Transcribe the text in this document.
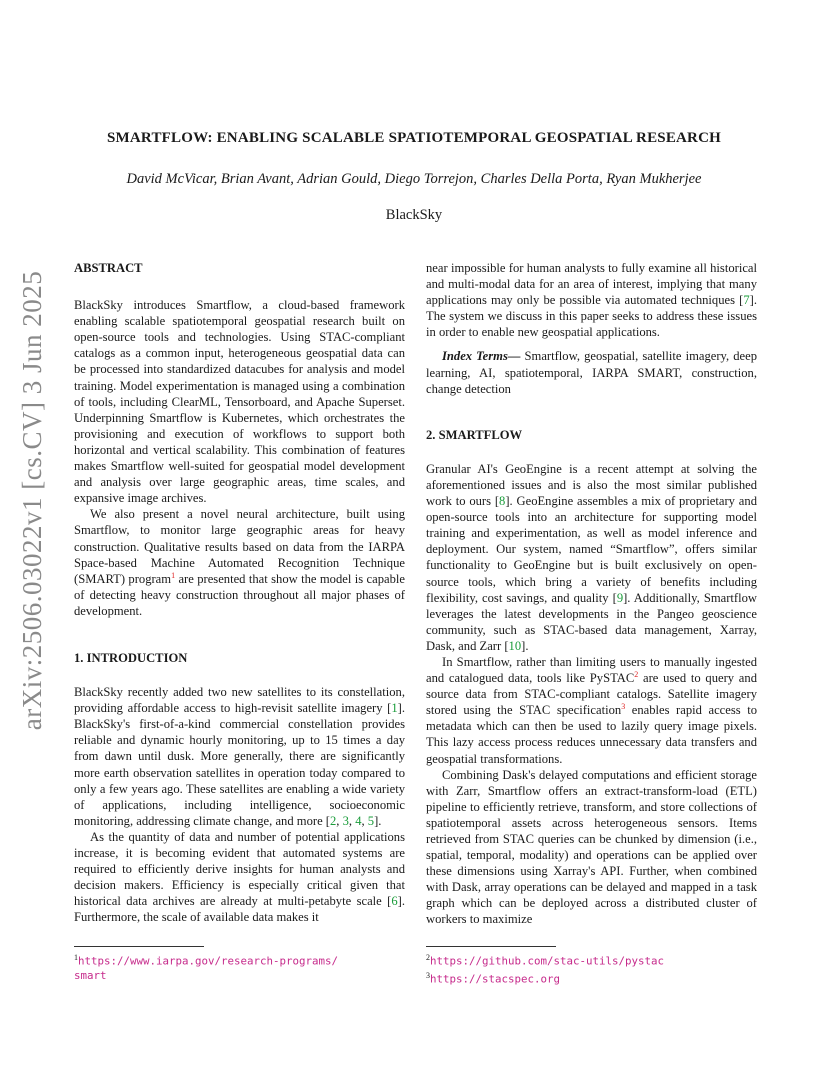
arXiv:2506.03022v1 [cs.CV] 3 Jun 2025
SMARTFLOW: ENABLING SCALABLE SPATIOTEMPORAL GEOSPATIAL RESEARCH
David McVicar, Brian Avant, Adrian Gould, Diego Torrejon, Charles Della Porta, Ryan Mukherjee
BlackSky

ABSTRACT

BlackSky introduces Smartflow, a cloud-based framework enabling scalable spatiotemporal geospatial research built on open-source tools and technologies. Using STAC-compliant catalogs as a common input, heterogeneous geospatial data can be processed into standardized datacubes for analysis and model training. Model experimentation is managed using a combination of tools, including ClearML, Tensorboard, and Apache Superset. Underpinning Smartflow is Kubernetes, which orchestrates the provisioning and execution of workflows to support both horizontal and vertical scalability. This combination of features makes Smartflow well-suited for geospatial model development and analysis over large geographic areas, time scales, and expansive image archives.

We also present a novel neural architecture, built using Smartflow, to monitor large geographic areas for heavy construction. Qualitative results based on data from the IARPA Space-based Machine Automated Recognition Technique (SMART) program$^1$ are presented that show the model is capable of detecting heavy construction throughout all major phases of development.

1. INTRODUCTION

BlackSky recently added two new satellites to its constellation, providing affordable access to high-revisit satellite imagery [1]. BlackSky's first-of-a-kind commercial constellation provides reliable and dynamic hourly monitoring, up to 15 times a day from dawn until dusk. More generally, there are significantly more earth observation satellites in operation today compared to only a few years ago. These satellites are enabling a wide variety of applications, including intelligence, socioeconomic monitoring, addressing climate change, and more [2, 3, 4, 5].

As the quantity of data and number of potential applications increase, it is becoming evident that automated systems are required to efficiently derive insights for human analysts and decision makers. Efficiency is especially critical given that historical data archives are already at multi-petabyte scale [6]. Furthermore, the scale of available data makes it

$^1$https://www.iarpa.gov/research-programs/
smart

near impossible for human analysts to fully examine all historical and multi-modal data for an area of interest, implying that many applications may only be possible via automated techniques [7]. The system we discuss in this paper seeks to address these issues in order to enable new geospatial applications.

Index Terms— Smartflow, geospatial, satellite imagery, deep learning, AI, spatiotemporal, IARPA SMART, construction, change detection

2. SMARTFLOW

Granular AI's GeoEngine is a recent attempt at solving the aforementioned issues and is also the most similar published work to ours [8]. GeoEngine assembles a mix of proprietary and open-source tools into an architecture for supporting model training and experimentation, as well as model inference and deployment. Our system, named “Smartflow”, offers similar functionality to GeoEngine but is built exclusively on open-source tools, which bring a variety of benefits including flexibility, cost savings, and quality [9]. Additionally, Smartflow leverages the latest developments in the Pangeo geoscience community, such as STAC-based data management, Xarray, Dask, and Zarr [10].

In Smartflow, rather than limiting users to manually ingested and catalogued data, tools like PySTAC$^2$ are used to query and source data from STAC-compliant catalogs. Satellite imagery stored using the STAC specification$^3$ enables rapid access to metadata which can then be used to lazily query image pixels. This lazy access process reduces unnecessary data transfers and geospatial transformations.

Combining Dask's delayed computations and efficient storage with Zarr, Smartflow offers an extract-transform-load (ETL) pipeline to efficiently retrieve, transform, and store collections of spatiotemporal assets across heterogeneous sensors. Items retrieved from STAC queries can be chunked by dimension (i.e., spatial, temporal, modality) and operations can be applied over these dimensions using Xarray's API. Further, when combined with Dask, array operations can be delayed and mapped in a task graph which can be deployed across a distributed cluster of workers to maximize

$^2$https://github.com/stac-utils/pystac
$^3$https://stacspec.org
